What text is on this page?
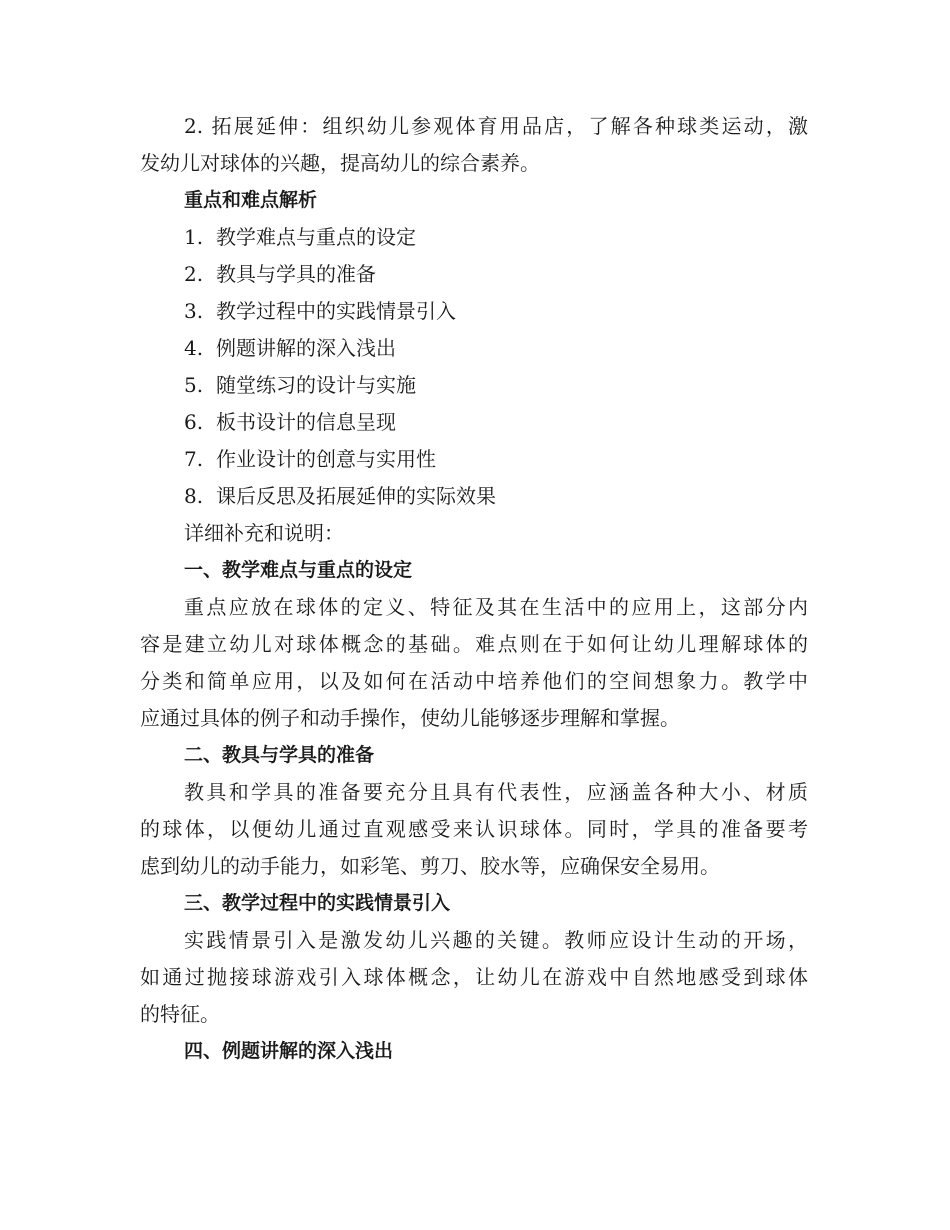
2. 拓展延伸：组织幼儿参观体育用品店，了解各种球类运动，激
发幼儿对球体的兴趣，提高幼儿的综合素养。
重点和难点解析
1. 教学难点与重点的设定
2. 教具与学具的准备
3. 教学过程中的实践情景引入
4. 例题讲解的深入浅出
5. 随堂练习的设计与实施
6. 板书设计的信息呈现
7. 作业设计的创意与实用性
8. 课后反思及拓展延伸的实际效果
详细补充和说明：
一、教学难点与重点的设定
重点应放在球体的定义、特征及其在生活中的应用上，这部分内
容是建立幼儿对球体概念的基础。难点则在于如何让幼儿理解球体的
分类和简单应用，以及如何在活动中培养他们的空间想象力。教学中
应通过具体的例子和动手操作，使幼儿能够逐步理解和掌握。
二、教具与学具的准备
教具和学具的准备要充分且具有代表性，应涵盖各种大小、材质
的球体，以便幼儿通过直观感受来认识球体。同时，学具的准备要考
虑到幼儿的动手能力，如彩笔、剪刀、胶水等，应确保安全易用。
三、教学过程中的实践情景引入
实践情景引入是激发幼儿兴趣的关键。教师应设计生动的开场，
如通过抛接球游戏引入球体概念，让幼儿在游戏中自然地感受到球体
的特征。
四、例题讲解的深入浅出
